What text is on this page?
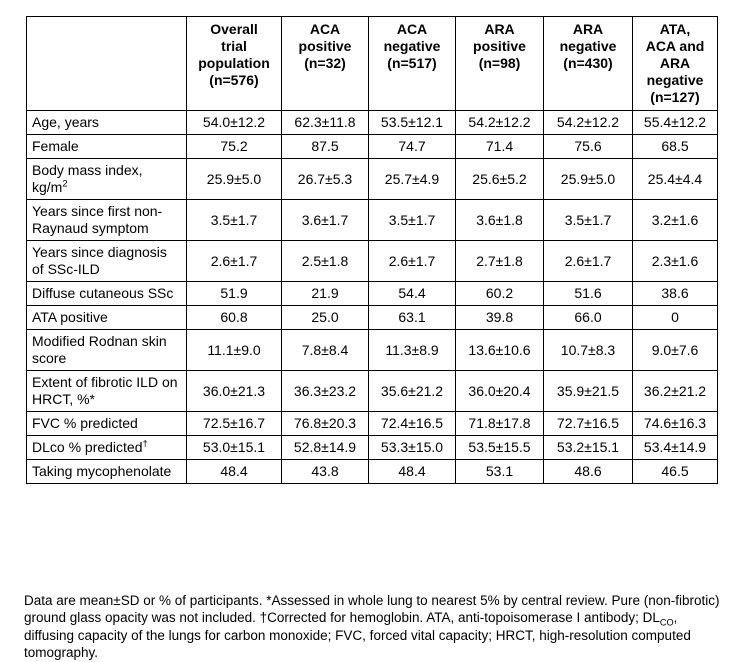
	Overall
trial
population
(n=576)	ACA
positive
(n=32)	ACA
negative
(n=517)	ARA
positive
(n=98)	ARA
negative
(n=430)	ATA,
ACA and
ARA
negative
(n=127)
Age, years	54.0±12.2	62.3±11.8	53.5±12.1	54.2±12.2	54.2±12.2	55.4±12.2
Female	75.2	87.5	74.7	71.4	75.6	68.5
Body mass index, $kg/m^2$	25.9±5.0	26.7±5.3	25.7±4.9	25.6±5.2	25.9±5.0	25.4±4.4
Years since first non-Raynaud symptom	3.5±1.7	3.6±1.7	3.5±1.7	3.6±1.8	3.5±1.7	3.2±1.6
Years since diagnosis of SSc-ILD	2.6±1.7	2.5±1.8	2.6±1.7	2.7±1.8	2.6±1.7	2.3±1.6
Diffuse cutaneous SSc	51.9	21.9	54.4	60.2	51.6	38.6
ATA positive	60.8	25.0	63.1	39.8	66.0	0
Modified Rodnan skin score	11.1±9.0	7.8±8.4	11.3±8.9	13.6±10.6	10.7±8.3	9.0±7.6
Extent of fibrotic ILD on HRCT, %*	36.0±21.3	36.3±23.2	35.6±21.2	36.0±20.4	35.9±21.5	36.2±21.2
FVC % predicted	72.5±16.7	76.8±20.3	72.4±16.5	71.8±17.8	72.7±16.5	74.6±16.3
DLco % predicted†	53.0±15.1	52.8±14.9	53.3±15.0	53.5±15.5	53.2±15.1	53.4±14.9
Taking mycophenolate	48.4	43.8	48.4	53.1	48.6	46.5

Data are mean±SD or % of participants. *Assessed in whole lung to nearest 5% by central review. Pure (non-fibrotic) ground glass opacity was not included. †Corrected for hemoglobin. ATA, anti-topoisomerase I antibody; $DL_{CO}$, diffusing capacity of the lungs for carbon monoxide; FVC, forced vital capacity; HRCT, high-resolution computed tomography.
